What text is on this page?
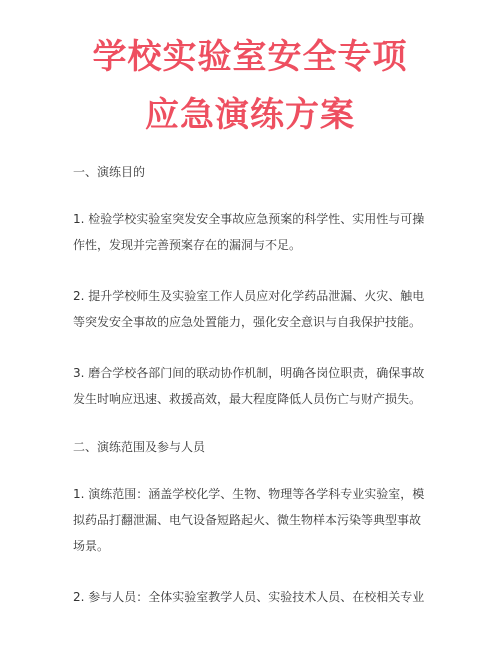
学校实验室安全专项
应急演练方案
一、演练目的
1. 检验学校实验室突发安全事故应急预案的科学性、实用性与可操
作性，发现并完善预案存在的漏洞与不足。
2. 提升学校师生及实验室工作人员应对化学药品泄漏、火灾、触电
等突发安全事故的应急处置能力，强化安全意识与自我保护技能。
3. 磨合学校各部门间的联动协作机制，明确各岗位职责，确保事故
发生时响应迅速、救援高效，最大程度降低人员伤亡与财产损失。
二、演练范围及参与人员
1. 演练范围：涵盖学校化学、生物、物理等各学科专业实验室，模
拟药品打翻泄漏、电气设备短路起火、微生物样本污染等典型事故
场景。
2. 参与人员：全体实验室教学人员、实验技术人员、在校相关专业
